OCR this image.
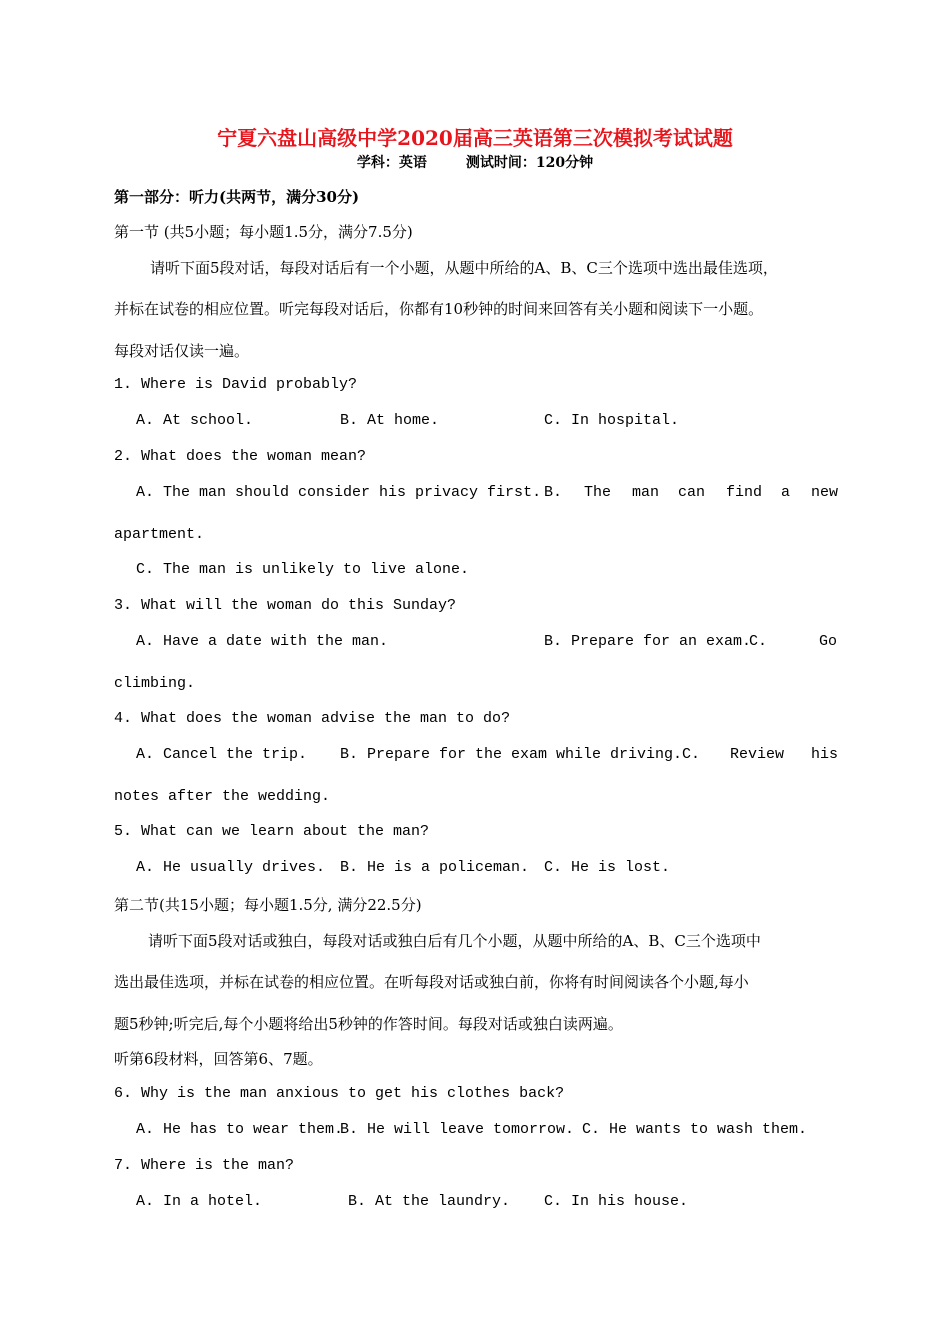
宁夏六盘山高级中学2020届高三英语第三次模拟考试试题
学科：英语	测试时间：120分钟
第一部分：听力(共两节，满分30分)
第一节 (共5小题；每小题1.5分，满分7.5分)
请听下面5段对话，每段对话后有一个小题，从题中所给的A、B、C三个选项中选出最佳选项，
并标在试卷的相应位置。听完每段对话后，你都有10秒钟的时间来回答有关小题和阅读下一小题。
每段对话仅读一遍。
1. Where is David probably?
A. At school.	B. At home.	C. In hospital.
2. What does the woman mean?
A. The man should consider his privacy first. B. The man can find a new
apartment.
C. The man is unlikely to live alone.
3. What will the woman do this Sunday?
A. Have a date with the man.	B. Prepare for an exam.
C.	Go
climbing.
4. What does the woman advise the man to do?
A. Cancel the trip. B. Prepare for the exam while driving. C. Review his
notes after the wedding.
5. What can we learn about the man?
A. He usually drives. B. He is a policeman. C. He is lost.
第二节(共15小题；每小题1.5分, 满分22.5分)
请听下面5段对话或独白，每段对话或独白后有几个小题，从题中所给的A、B、C三个选项中
选出最佳选项，并标在试卷的相应位置。在听每段对话或独白前，你将有时间阅读各个小题,每小
题5秒钟;听完后,每个小题将给出5秒钟的作答时间。每段对话或独白读两遍。
听第6段材料，回答第6、7题。
6. Why is the man anxious to get his clothes back?
A. He has to wear them.
B. He will leave tomorrow. C. He wants to wash them.
7. Where is the man?
A. In a hotel.	B. At the laundry. C. In his house.
